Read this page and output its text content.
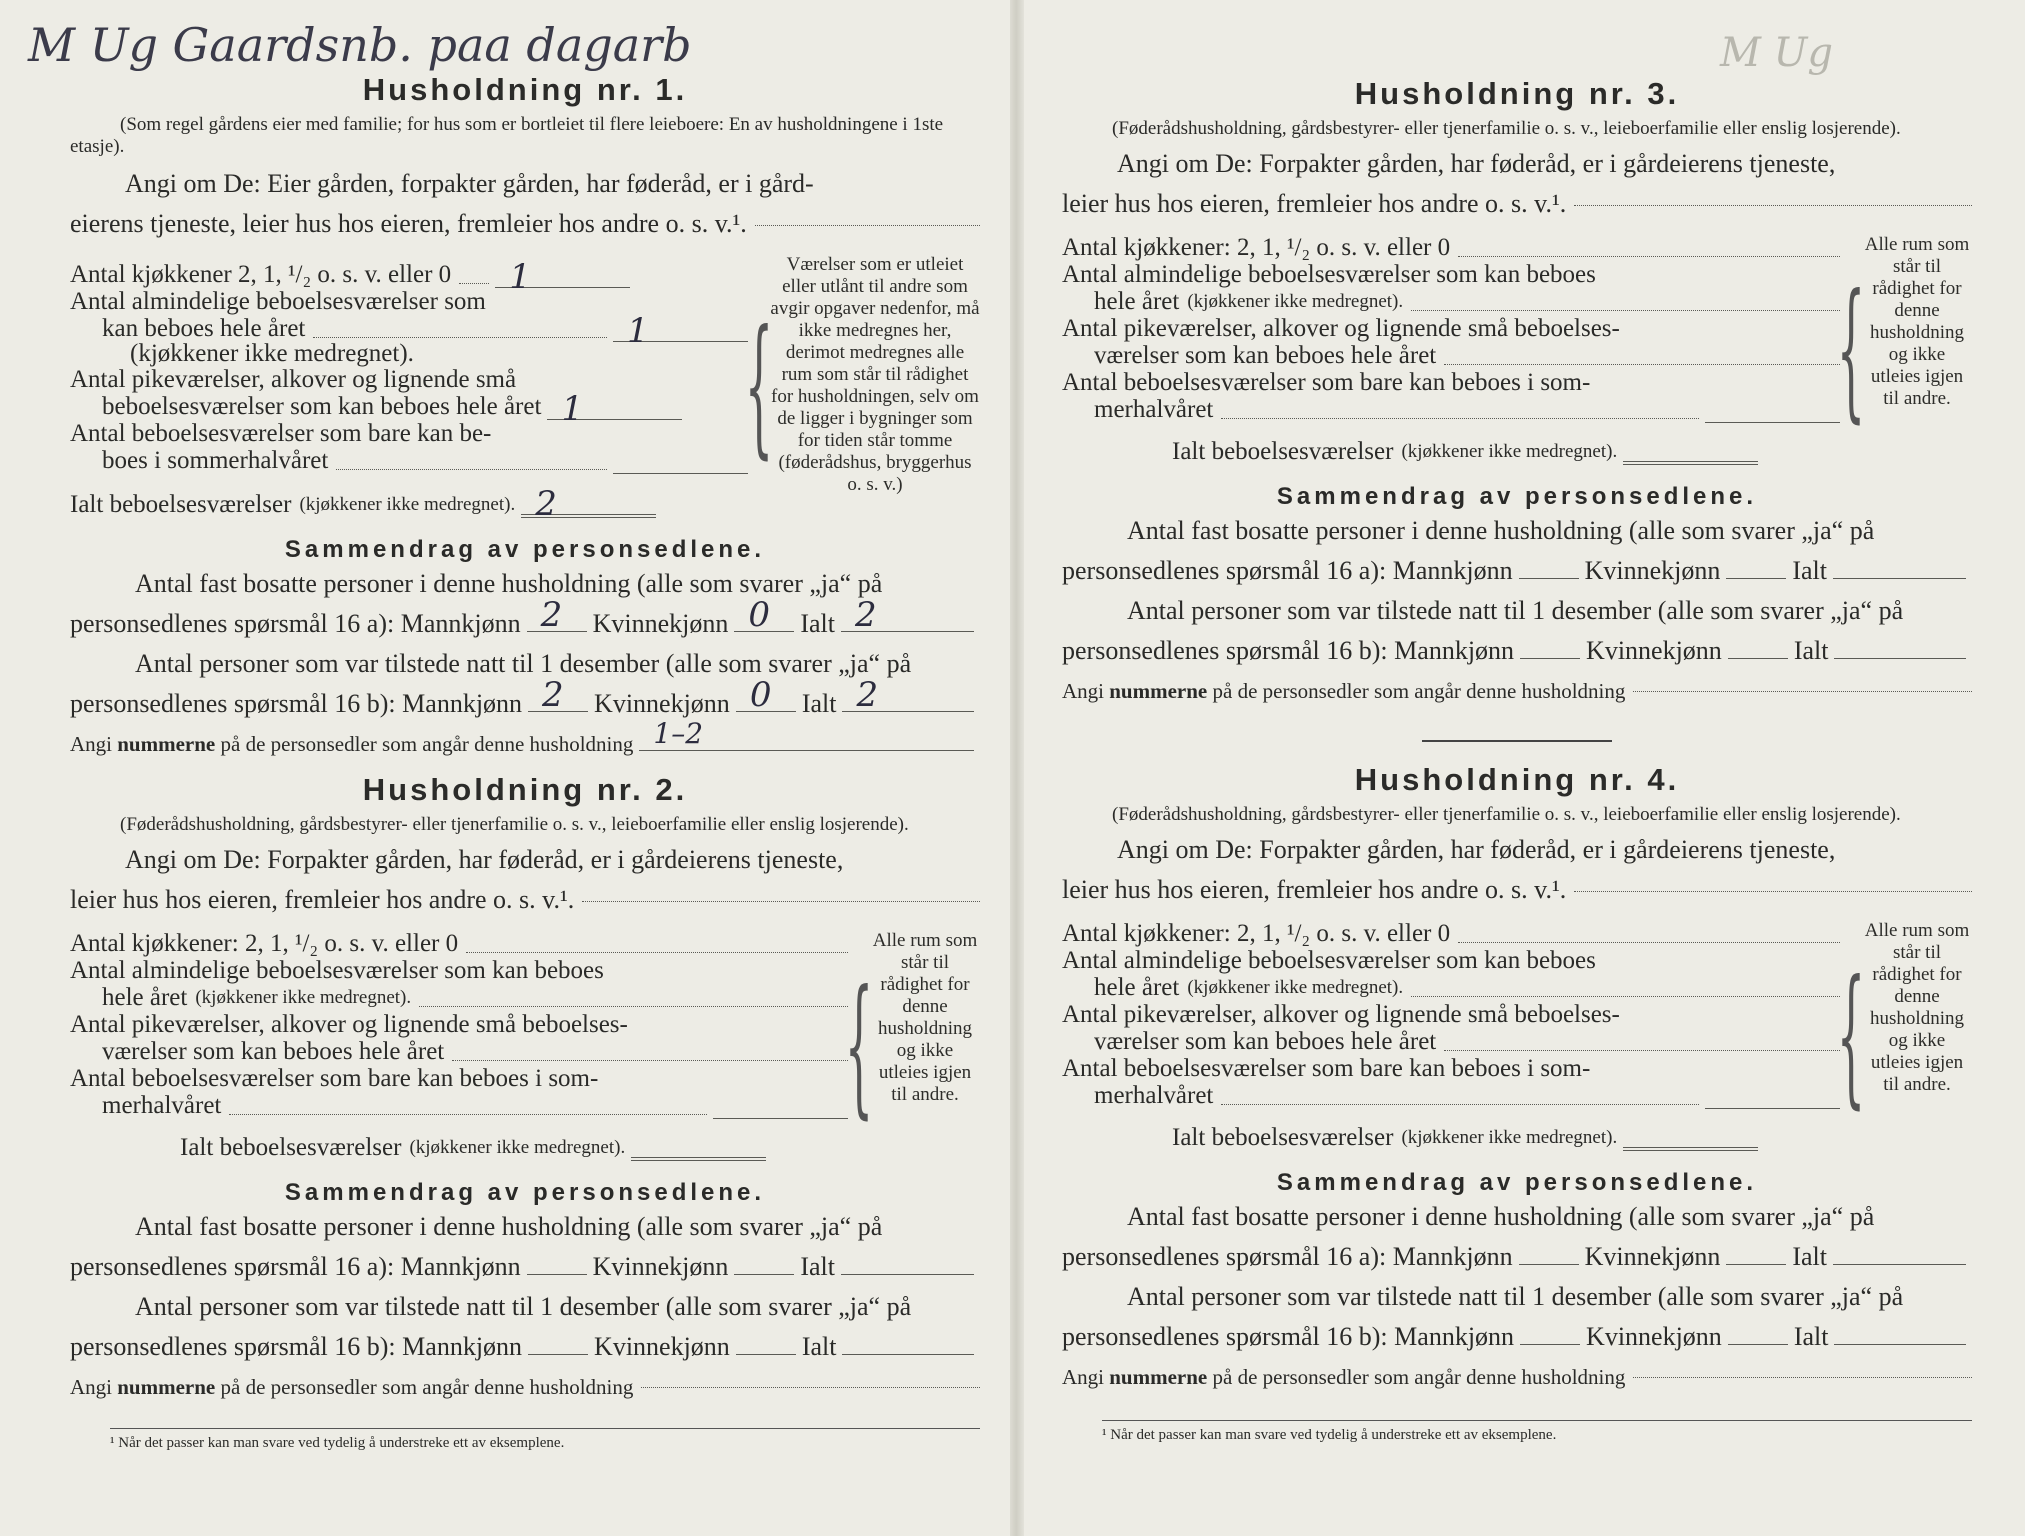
M Ug Gaardsnb. paa dagarb	M Ug
Husholdning nr. 1.
(Som regel gårdens eier med familie; for hus som er bortleiet til flere leieboere: En av husholdningene i 1ste etasje).
Angi om De: Eier gården, forpakter gården, har føderåd, er i gård-
eierens tjeneste, leier hus hos eieren, fremleier hos andre o. s. v.¹.
Antal kjøkkener 2, 1, ¹/₂ o. s. v. eller 0 1
Antal almindelige beboelsesværelser som
kan beboes hele året	1
(kjøkkener ikke medregnet).
Antal pikeværelser, alkover og lignende små
beboelsesværelser som kan beboes hele året 1
Antal beboelsesværelser som bare kan be-
boes i sommerhalvåret
Ialt beboelsesværelser (kjøkkener ikke medregnet). 2
{
Værelser som er utleiet eller utlånt til andre som avgir opgaver nedenfor, må ikke medregnes her, derimot medregnes alle rum som står til rådighet for husholdningen, selv om de ligger i bygninger som for tiden står tomme (føderådshus, bryggerhus o. s. v.)
Sammendrag av personsedlene.
Antal fast bosatte personer i denne husholdning (alle som svarer „ja“ på
personsedlenes spørsmål 16 a): Mannkjønn 2 Kvinnekjønn 0 Ialt 2
Antal personer som var tilstede natt til 1 desember (alle som svarer „ja“ på
personsedlenes spørsmål 16 b): Mannkjønn 2 Kvinnekjønn 0 Ialt 2
Angi
nummerne
på de personsedler som angår denne husholdning 1–2
Husholdning nr. 2.
(Føderådshusholdning, gårdsbestyrer- eller tjenerfamilie o. s. v., leieboerfamilie eller enslig losjerende).
Angi om De: Forpakter gården, har føderåd, er i gårdeierens tjeneste,
leier hus hos eieren, fremleier hos andre o. s. v.¹.
Antal kjøkkener: 2, 1, ¹/₂ o. s. v. eller 0
Antal almindelige beboelsesværelser som kan beboes
hele året (kjøkkener ikke medregnet).
Antal pikeværelser, alkover og lignende små beboelses-
værelser som kan beboes hele året
Antal beboelsesværelser som bare kan beboes i som-
merhalvåret
Ialt beboelsesværelser (kjøkkener ikke medregnet).
{
Alle rum som står til rådighet for denne husholdning og ikke utleies igjen til andre.
Sammendrag av personsedlene.
Antal fast bosatte personer i denne husholdning (alle som svarer „ja“ på
personsedlenes spørsmål 16 a): Mannkjønn	Kvinnekjønn	Ialt
Antal personer som var tilstede natt til 1 desember (alle som svarer „ja“ på
personsedlenes spørsmål 16 b): Mannkjønn	Kvinnekjønn	Ialt
Angi
nummerne
på de personsedler som angår denne husholdning
¹ Når det passer kan man svare ved tydelig å understreke ett av eksemplene.
Husholdning nr. 3.
(Føderådshusholdning, gårdsbestyrer- eller tjenerfamilie o. s. v., leieboerfamilie eller enslig losjerende).
Angi om De: Forpakter gården, har føderåd, er i gårdeierens tjeneste,
leier hus hos eieren, fremleier hos andre o. s. v.¹.
Antal kjøkkener: 2, 1, ¹/₂ o. s. v. eller 0
Antal almindelige beboelsesværelser som kan beboes
hele året (kjøkkener ikke medregnet).
Antal pikeværelser, alkover og lignende små beboelses-
værelser som kan beboes hele året
Antal beboelsesværelser som bare kan beboes i som-
merhalvåret
Ialt beboelsesværelser (kjøkkener ikke medregnet).
{
Alle rum som står til rådighet for denne husholdning og ikke utleies igjen til andre.
Sammendrag av personsedlene.
Antal fast bosatte personer i denne husholdning (alle som svarer „ja“ på
personsedlenes spørsmål 16 a): Mannkjønn	Kvinnekjønn	Ialt
Antal personer som var tilstede natt til 1 desember (alle som svarer „ja“ på
personsedlenes spørsmål 16 b): Mannkjønn	Kvinnekjønn	Ialt
Angi
nummerne
på de personsedler som angår denne husholdning
Husholdning nr. 4.
(Føderådshusholdning, gårdsbestyrer- eller tjenerfamilie o. s. v., leieboerfamilie eller enslig losjerende).
Angi om De: Forpakter gården, har føderåd, er i gårdeierens tjeneste,
leier hus hos eieren, fremleier hos andre o. s. v.¹.
Antal kjøkkener: 2, 1, ¹/₂ o. s. v. eller 0
Antal almindelige beboelsesværelser som kan beboes
hele året (kjøkkener ikke medregnet).
Antal pikeværelser, alkover og lignende små beboelses-
værelser som kan beboes hele året
Antal beboelsesværelser som bare kan beboes i som-
merhalvåret
Ialt beboelsesværelser (kjøkkener ikke medregnet).
{
Alle rum som står til rådighet for denne husholdning og ikke utleies igjen til andre.
Sammendrag av personsedlene.
Antal fast bosatte personer i denne husholdning (alle som svarer „ja“ på
personsedlenes spørsmål 16 a): Mannkjønn	Kvinnekjønn	Ialt
Antal personer som var tilstede natt til 1 desember (alle som svarer „ja“ på
personsedlenes spørsmål 16 b): Mannkjønn	Kvinnekjønn	Ialt
Angi
nummerne
på de personsedler som angår denne husholdning
¹ Når det passer kan man svare ved tydelig å understreke ett av eksemplene.
